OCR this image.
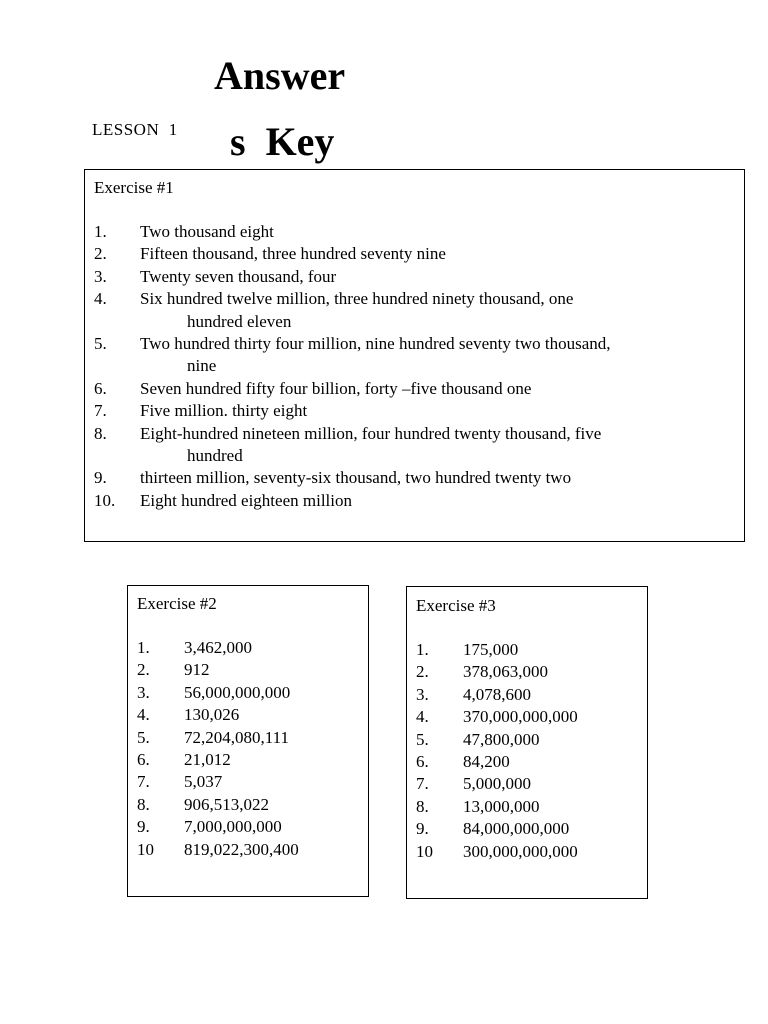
Answer
s  Key
LESSON  1
Exercise #1
1.	Two thousand eight
2.	Fifteen thousand, three hundred seventy nine
3.	Twenty seven thousand, four
4.	Six hundred twelve million, three hundred ninety thousand, one
hundred eleven
5.	Two hundred thirty four million, nine hundred seventy two thousand,
nine
6.	Seven hundred fifty four billion, forty –five thousand one
7.	Five million. thirty eight
8.	Eight-hundred nineteen million, four hundred twenty thousand, five
hundred
9.	thirteen million, seventy-six thousand, two hundred twenty two
10.	Eight hundred eighteen million
Exercise #2
1.	3,462,000
2.	912
3.	56,000,000,000
4.	130,026
5.	72,204,080,111
6.	21,012
7.	5,037
8.	906,513,022
9.	7,000,000,000
10	819,022,300,400
Exercise #3
1.	175,000
2.	378,063,000
3.	4,078,600
4.	370,000,000,000
5.	47,800,000
6.	84,200
7.	5,000,000
8.	13,000,000
9.	84,000,000,000
10	300,000,000,000
